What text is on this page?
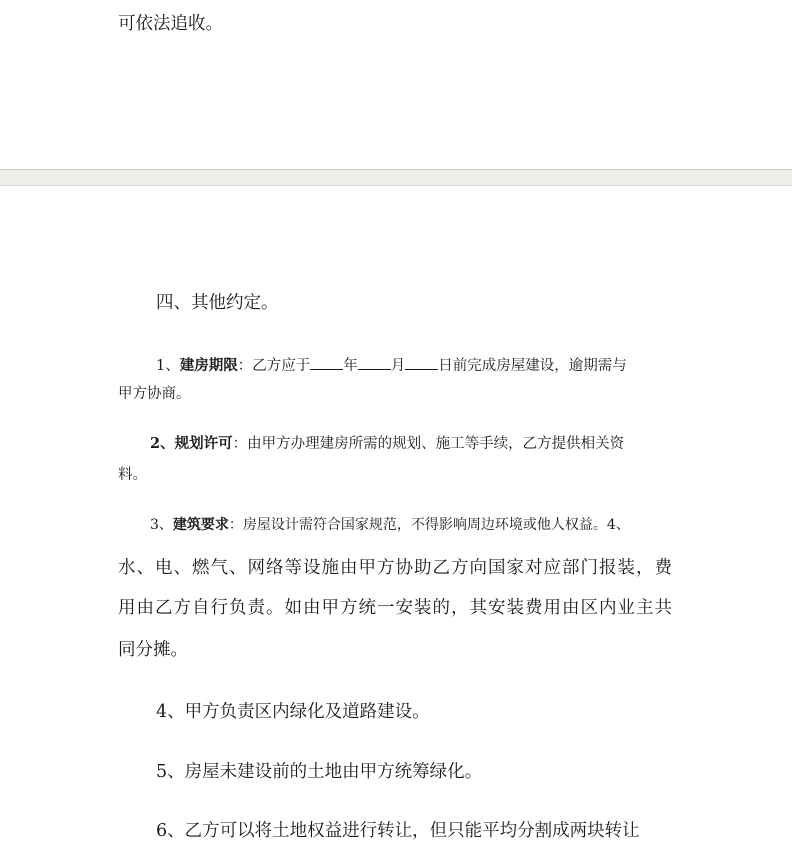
可依法追收。
四、其他约定。
1、建房期限：乙方应于 年 月 日前完成房屋建设，逾期需与
甲方协商。
2、规划许可：由甲方办理建房所需的规划、施工等手续，乙方提供相关资
料。
3、建筑要求：房屋设计需符合国家规范，不得影响周边环境或他人权益。4、
水、电、燃气、网络等设施由甲方协助乙方向国家对应部门报装，费
用由乙方自行负责。如由甲方统一安装的，其安装费用由区内业主共
同分摊。
4、甲方负责区内绿化及道路建设。
5、房屋未建设前的土地由甲方统筹绿化。
6、乙方可以将土地权益进行转让，但只能平均分割成两块转让
